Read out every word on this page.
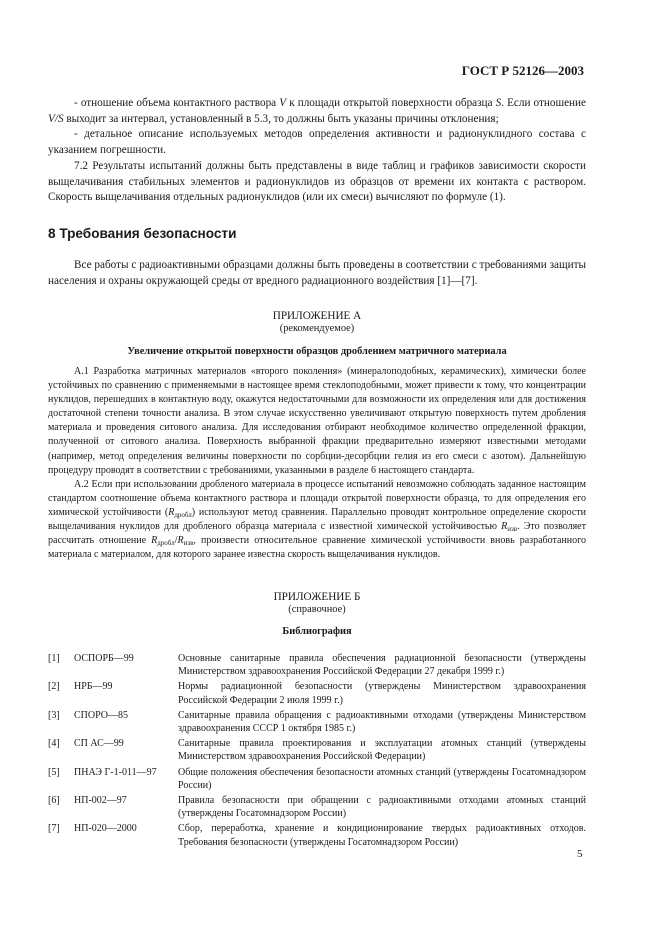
ГОСТ Р 52126—2003

- отношение объема контактного раствора V к площади открытой поверхности образца S. Если отношение V/S выходит за интервал, установленный в 5.3, то должны быть указаны причины отклонения;

- детальное описание используемых методов определения активности и радионуклидного состава с указанием погрешности.

7.2 Результаты испытаний должны быть представлены в виде таблиц и графиков зависимости скорости выщелачивания стабильных элементов и радионуклидов из образцов от времени их контакта с раствором. Скорость выщелачивания отдельных радионуклидов (или их смеси) вычисляют по формуле (1).

8 Требования безопасности

Все работы с радиоактивными образцами должны быть проведены в соответствии с требованиями защиты населения и охраны окружающей среды от вредного радиационного воздействия [1]—[7].

ПРИЛОЖЕНИЕ А
(рекомендуемое)
Увеличение открытой поверхности образцов дроблением матричного материала

А.1 Разработка матричных материалов «второго поколения» (минералоподобных, керамических), химически более устойчивых по сравнению с применяемыми в настоящее время стеклоподобными, может привести к тому, что концентрации нуклидов, перешедших в контактную воду, окажутся недостаточными для возможности их определения или для достижения достаточной степени точности анализа. В этом случае искусственно увеличивают открытую поверхность путем дробления материала и проведения ситового анализа. Для исследования отбирают необходимое количество определенной фракции, полученной от ситового анализа. Поверхность выбранной фракции предварительно измеряют известными методами (например, метод определения величины поверхности по сорбции-десорбции гелия из его смеси с азотом). Дальнейшую процедуру проводят в соответствии с требованиями, указанными в разделе 6 настоящего стандарта.

А.2 Если при использовании дробленого материала в процессе испытаний невозможно соблюдать заданное настоящим стандартом соотношение объема контактного раствора и площади открытой поверхности образца, то для определения его химической устойчивости $(R_{дробл})$ используют метод сравнения. Параллельно проводят контрольное определение скорости выщелачивания нуклидов для дробленого образца материала с известной химической устойчивостью $R_{изв}$. Это позволяет рассчитать отношение $R_{дробл}/R_{изв}$, произвести относительное сравнение химической устойчивости вновь разработанного материала с материалом, для которого заранее известна скорость выщелачивания нуклидов.

ПРИЛОЖЕНИЕ Б
(справочное)
Библиография
[1]	ОСПОРБ—99	Основные санитарные правила обеспечения радиационной безопасности (утверждены Министерством здравоохранения Российской Федерации 27 декабря 1999 г.)
[2]	НРБ—99	Нормы радиационной безопасности (утверждены Министерством здравоохранения Российской Федерации 2 июля 1999 г.)
[3]	СПОРО—85	Санитарные правила обращения с радиоактивными отходами (утверждены Министерством здравоохранения СССР 1 октября 1985 г.)
[4]	СП АС—99	Санитарные правила проектирования и эксплуатации атомных станций (утверждены Министерством здравоохранения Российской Федерации)
[5]	ПНАЭ Г-1-011—97	Общие положения обеспечения безопасности атомных станций (утверждены Госатомнадзором России)
[6]	НП-002—97	Правила безопасности при обращении с радиоактивными отходами атомных станций (утверждены Госатомнадзором России)
[7]	НП-020—2000	Сбор, переработка, хранение и кондиционирование твердых радиоактивных отходов. Требования безопасности (утверждены Госатомнадзором России)
5
